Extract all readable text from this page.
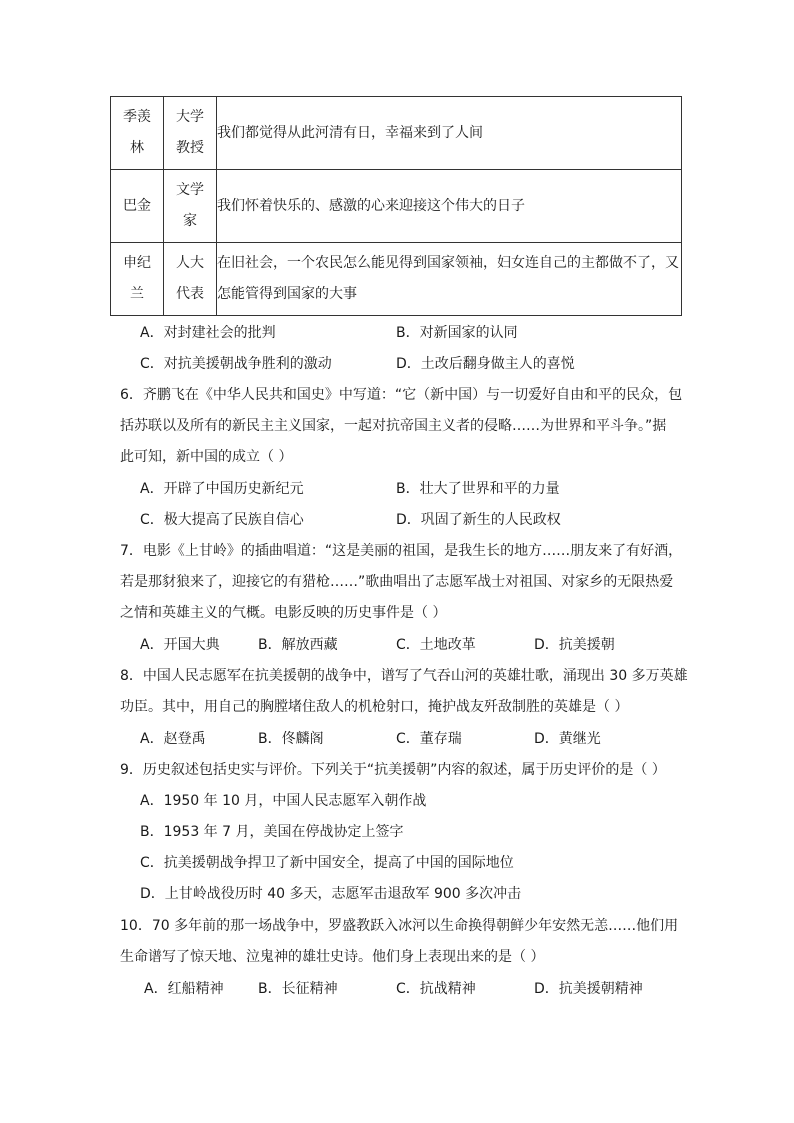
季羡林	大学教授	我们都觉得从此河清有日，幸福来到了人间
巴金	文学家	我们怀着快乐的、感激的心来迎接这个伟大的日子
申纪兰	人大代表	在旧社会，一个农民怎么能见得到国家领袖，妇女连自己的主都做不了，又怎能管得到国家的大事
A．对封建社会的批判	B．对新国家的认同
C．对抗美援朝战争胜利的激动	D．土改后翻身做主人的喜悦
6．齐鹏飞在《中华人民共和国史》中写道：“它（新中国）与一切爱好自由和平的民众，包
括苏联以及所有的新民主主义国家，一起对抗帝国主义者的侵略……为世界和平斗争。”据
此可知，新中国的成立（ ）
A．开辟了中国历史新纪元	B．壮大了世界和平的力量
C．极大提高了民族自信心	D．巩固了新生的人民政权
7．电影《上甘岭》的插曲唱道：“这是美丽的祖国，是我生长的地方……朋友来了有好酒，
若是那豺狼来了，迎接它的有猎枪……”歌曲唱出了志愿军战士对祖国、对家乡的无限热爱
之情和英雄主义的气概。电影反映的历史事件是（ ）
A．开国大典	B．解放西藏	C．土地改革	D．抗美援朝
8．中国人民志愿军在抗美援朝的战争中，谱写了气吞山河的英雄壮歌，涌现出 30 多万英雄
功臣。其中，用自己的胸膛堵住敌人的机枪射口，掩护战友歼敌制胜的英雄是（ ）
A．赵登禹	B．佟麟阁	C．董存瑞	D．黄继光
9．历史叙述包括史实与评价。下列关于“抗美援朝”内容的叙述，属于历史评价的是（ ）
A．1950 年 10 月，中国人民志愿军入朝作战
B．1953 年 7 月，美国在停战协定上签字
C．抗美援朝战争捍卫了新中国安全，提高了中国的国际地位
D．上甘岭战役历时 40 多天，志愿军击退敌军 900 多次冲击
10．70 多年前的那一场战争中，罗盛教跃入冰河以生命换得朝鲜少年安然无恙……他们用
生命谱写了惊天地、泣鬼神的雄壮史诗。他们身上表现出来的是（ ）
A．红船精神 B．长征精神	C．抗战精神	D．抗美援朝精神
